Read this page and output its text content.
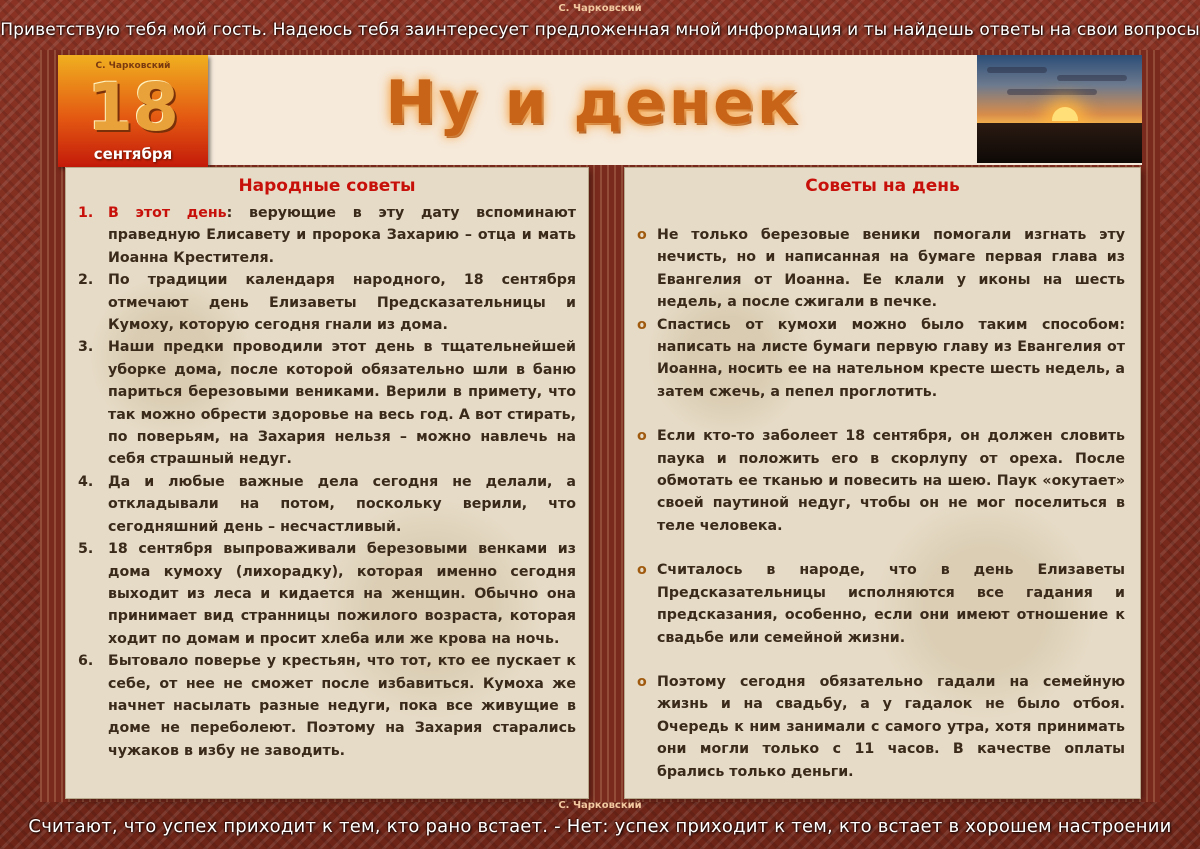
С. Чарковский
Приветствую тебя мой гость. Надеюсь тебя заинтересует предложенная мной информация и ты найдешь ответы на свои вопросы
С. Чарковский
18
сентября
Ну и денек
Народные советы
1. В этот день: верующие в эту дату вспоминают праведную Елисавету и пророка Захарию – отца и мать Иоанна Крестителя.
2. По традиции календаря народного, 18 сентября отмечают день Елизаветы Предсказательницы и Кумоху, которую сегодня гнали из дома.
3. Наши предки проводили этот день в тщательнейшей уборке дома, после которой обязательно шли в баню париться березовыми вениками. Верили в примету, что так можно обрести здоровье на весь год. А вот стирать, по поверьям, на Захария нельзя – можно навлечь на себя страшный недуг.
4. Да и любые важные дела сегодня не делали, а откладывали на потом, поскольку верили, что сегодняшний день – несчастливый.
5. 18 сентября выпроваживали березовыми венками из дома кумоху (лихорадку), которая именно сегодня выходит из леса и кидается на женщин. Обычно она принимает вид странницы пожилого возраста, которая ходит по домам и просит хлеба или же крова на ночь.
6. Бытовало поверье у крестьян, что тот, кто ее пускает к себе, от нее не сможет после избавиться. Кумоха же начнет насылать разные недуги, пока все живущие в доме не переболеют. Поэтому на Захария старались чужаков в избу не заводить.
Советы на день
o Не только березовые веники помогали изгнать эту нечисть, но и написанная на бумаге первая глава из Евангелия от Иоанна. Ее клали у иконы на шесть недель, а после сжигали в печке.
o Спастись от кумохи можно было таким способом: написать на листе бумаги первую главу из Евангелия от Иоанна, носить ее на нательном кресте шесть недель, а затем сжечь, а пепел проглотить.
o Если кто-то заболеет 18 сентября, он должен словить паука и положить его в скорлупу от ореха. После обмотать ее тканью и повесить на шею. Паук «окутает» своей паутиной недуг, чтобы он не мог поселиться в теле человека.
o Считалось в народе, что в день Елизаветы Предсказательницы исполняются все гадания и предсказания, особенно, если они имеют отношение к свадьбе или семейной жизни.
o Поэтому сегодня обязательно гадали на семейную жизнь и на свадьбу, а у гадалок не было отбоя. Очередь к ним занимали с самого утра, хотя принимать они могли только с 11 часов. В качестве оплаты брались только деньги.
С. Чарковский
Считают, что успех приходит к тем, кто рано встает. - Нет: успех приходит к тем, кто встает в хорошем настроении
